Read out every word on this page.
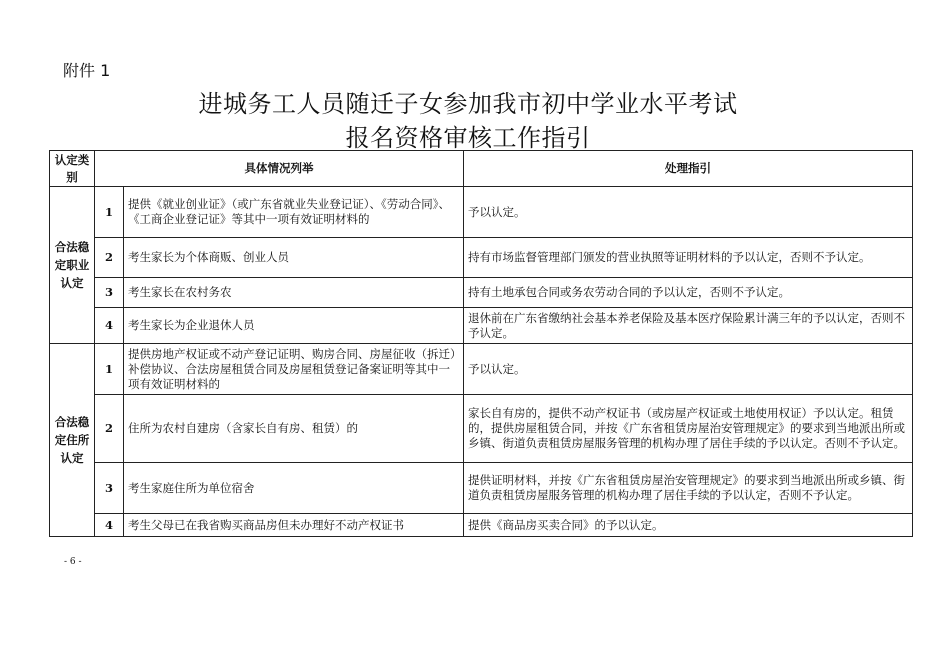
附件 1
进城务工人员随迁子女参加我市初中学业水平考试
报名资格审核工作指引
认定类别	具体情况列举		处理指引
合法稳定职业认定	1	提供《就业创业证》（或广东省就业失业登记证）、《劳动合同》、《工商企业登记证》等其中一项有效证明材料的	予以认定。
	2	考生家长为个体商贩、创业人员	持有市场监督管理部门颁发的营业执照等证明材料的予以认定，否则不予认定。
	3	考生家长在农村务农	持有土地承包合同或务农劳动合同的予以认定，否则不予认定。
	4	考生家长为企业退休人员	退休前在广东省缴纳社会基本养老保险及基本医疗保险累计满三年的予以认定，否则不予认定。
合法稳定住所认定	1	提供房地产权证或不动产登记证明、购房合同、房屋征收（拆迁）补偿协议、合法房屋租赁合同及房屋租赁登记备案证明等其中一项有效证明材料的	予以认定。
	2	住所为农村自建房（含家长自有房、租赁）的	家长自有房的，提供不动产权证书（或房屋产权证或土地使用权证）予以认定。租赁的，提供房屋租赁合同，并按《广东省租赁房屋治安管理规定》的要求到当地派出所或乡镇、街道负责租赁房屋服务管理的机构办理了居住手续的予以认定。否则不予认定。
	3	考生家庭住所为单位宿舍	提供证明材料，并按《广东省租赁房屋治安管理规定》的要求到当地派出所或乡镇、街道负责租赁房屋服务管理的机构办理了居住手续的予以认定，否则不予认定。
	4	考生父母已在我省购买商品房但未办理好不动产权证书	提供《商品房买卖合同》的予以认定。
- 6 -
